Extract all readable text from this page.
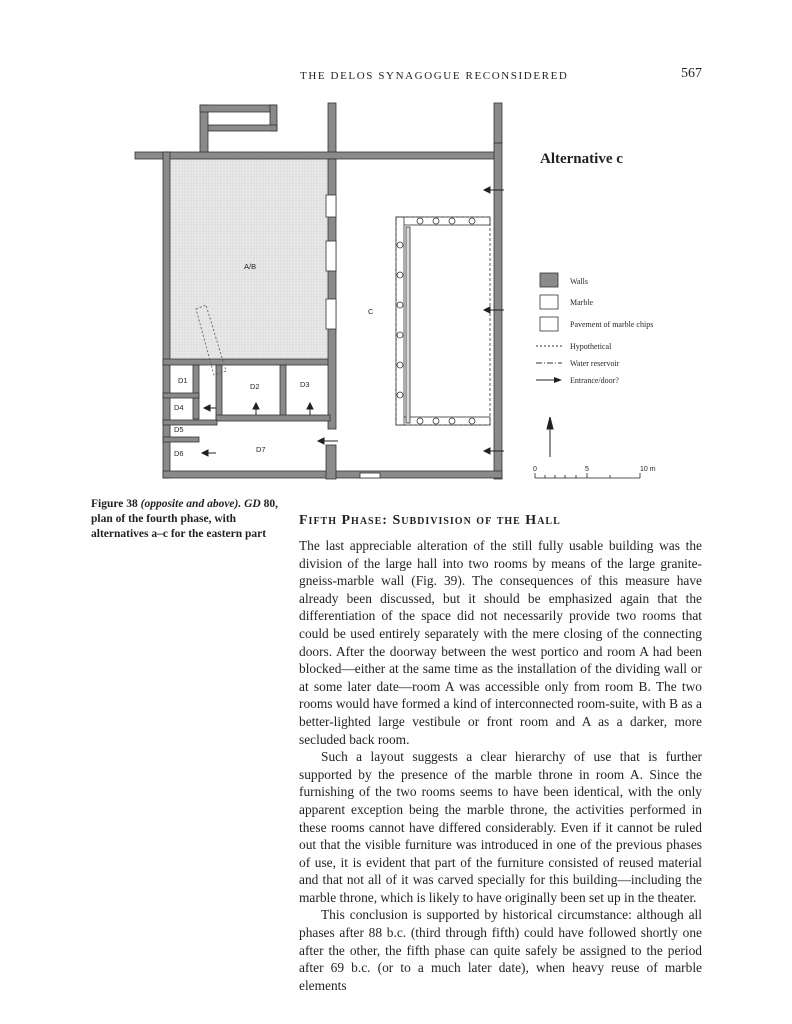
THE DELOS SYNAGOGUE RECONSIDERED	567
A/B
C
D1
D2	D3
D4
D5
D6	D7
Alternative c
Walls
Marble
Pavement of marble chips
Hypothetical
Water reservoir
Entrance/door?
0	5	10 m
Figure 38 (opposite and above). GD 80, plan of the fourth phase, with alternatives a–c for the eastern part
Fifth Phase: Subdivision of the Hall

The last appreciable alteration of the still fully usable building was the division of the large hall into two rooms by means of the large granite-gneiss-marble wall (Fig. 39). The consequences of this measure have already been discussed, but it should be emphasized again that the differentiation of the space did not necessarily provide two rooms that could be used entirely separately with the mere closing of the connecting doors. After the doorway between the west portico and room A had been blocked—either at the same time as the installation of the dividing wall or at some later date—room A was accessible only from room B. The two rooms would have formed a kind of interconnected room-suite, with B as a better-lighted large vestibule or front room and A as a darker, more secluded back room.

Such a layout suggests a clear hierarchy of use that is further supported by the presence of the marble throne in room A. Since the furnishing of the two rooms seems to have been identical, with the only apparent exception being the marble throne, the activities performed in these rooms cannot have differed considerably. Even if it cannot be ruled out that the visible furniture was introduced in one of the previous phases of use, it is evident that part of the furniture consisted of reused material and that not all of it was carved specially for this building—including the marble throne, which is likely to have originally been set up in the theater.

This conclusion is supported by historical circumstance: although all phases after 88 b.c. (third through fifth) could have followed shortly one after the other, the fifth phase can quite safely be assigned to the period after 69 b.c. (or to a much later date), when heavy reuse of marble elements
